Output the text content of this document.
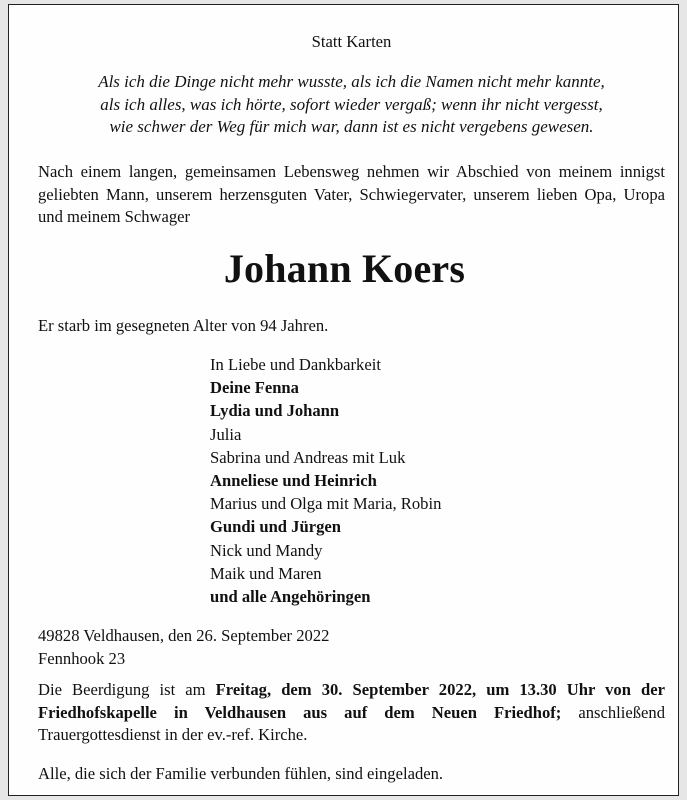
Statt Karten
Als ich die Dinge nicht mehr wusste, als ich die Namen nicht mehr kannte,
als ich alles, was ich hörte, sofort wieder vergaß; wenn ihr nicht vergesst,
wie schwer der Weg für mich war, dann ist es nicht vergebens gewesen.
Nach einem langen, gemeinsamen Lebensweg nehmen wir Abschied von meinem innigst geliebten Mann, unserem herzensguten Vater, Schwiegervater, unserem lieben Opa, Uropa und meinem Schwager
Johann Koers
Er starb im gesegneten Alter von 94 Jahren.
In Liebe und Dankbarkeit
Deine Fenna
Lydia und Johann
Julia
Sabrina und Andreas mit Luk
Anneliese und Heinrich
Marius und Olga mit Maria, Robin
Gundi und Jürgen
Nick und Mandy
Maik und Maren
und alle Angehöringen
49828 Veldhausen, den 26. September 2022
Fennhook 23
Die Beerdigung ist am Freitag, dem 30. September 2022, um 13.30 Uhr von der Friedhofskapelle in Veldhausen aus auf dem Neuen Friedhof; anschließend Trauergottesdienst in der ev.-ref. Kirche.
Alle, die sich der Familie verbunden fühlen, sind eingeladen.
